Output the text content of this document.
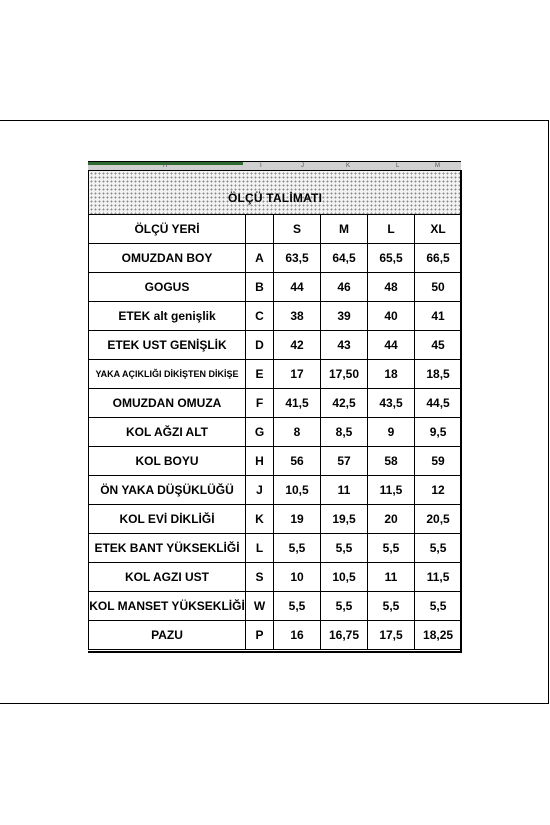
H	I	J	K	L	M
ÖLÇÜ TALİMATI					
ÖLÇÜ YERİ		S	M	L	XL
OMUZDAN BOY	A	63,5	64,5	65,5	66,5
GOGUS	B	44	46	48	50
ETEK alt genişlik	C	38	39	40	41
ETEK UST GENİŞLİK	D	42	43	44	45
YAKA AÇIKLIĞI DİKİŞTEN DİKİŞE	E	17	17,50	18	18,5
OMUZDAN OMUZA	F	41,5	42,5	43,5	44,5
KOL AĞZI ALT	G	8	8,5	9	9,5
KOL BOYU	H	56	57	58	59
ÖN YAKA DÜŞÜKLÜĞÜ	J	10,5	11	11,5	12
KOL EVİ DİKLİĞİ	K	19	19,5	20	20,5
ETEK BANT YÜKSEKLİĞİ	L	5,5	5,5	5,5	5,5
KOL AGZI UST	S	10	10,5	11	11,5
KOL MANSET YÜKSEKLİĞİ	W	5,5	5,5	5,5	5,5
PAZU	P	16	16,75	17,5	18,25
